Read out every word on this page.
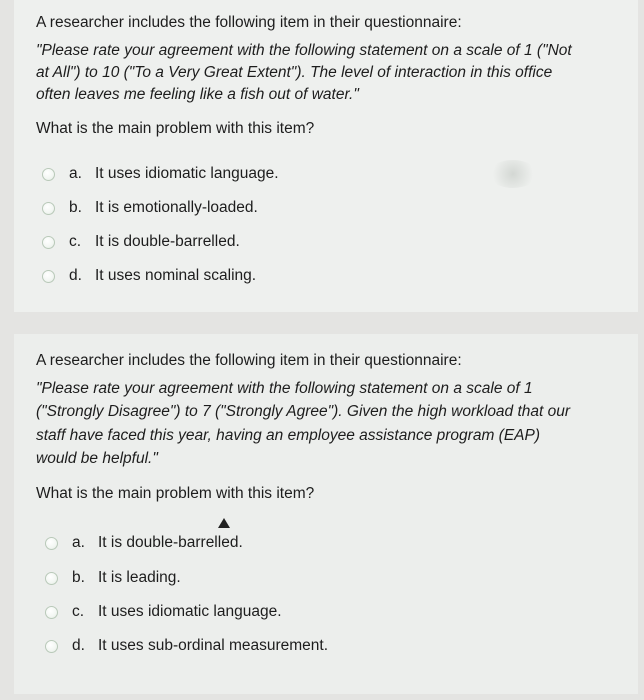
A researcher includes the following item in their questionnaire:
"Please rate your agreement with the following statement on a scale of 1 ("Not
at All") to 10 ("To a Very Great Extent"). The level of interaction in this office
often leaves me feeling like a fish out of water."
What is the main problem with this item?
a. It uses idiomatic language.
b. It is emotionally-loaded.
c. It is double-barrelled.
d. It uses nominal scaling.
A researcher includes the following item in their questionnaire:
"Please rate your agreement with the following statement on a scale of 1
("Strongly Disagree") to 7 ("Strongly Agree"). Given the high workload that our
staff have faced this year, having an employee assistance program (EAP)
would be helpful."
What is the main problem with this item?
a. It is double-barrelled.
b. It is leading.
c. It uses idiomatic language.
d. It uses sub-ordinal measurement.
